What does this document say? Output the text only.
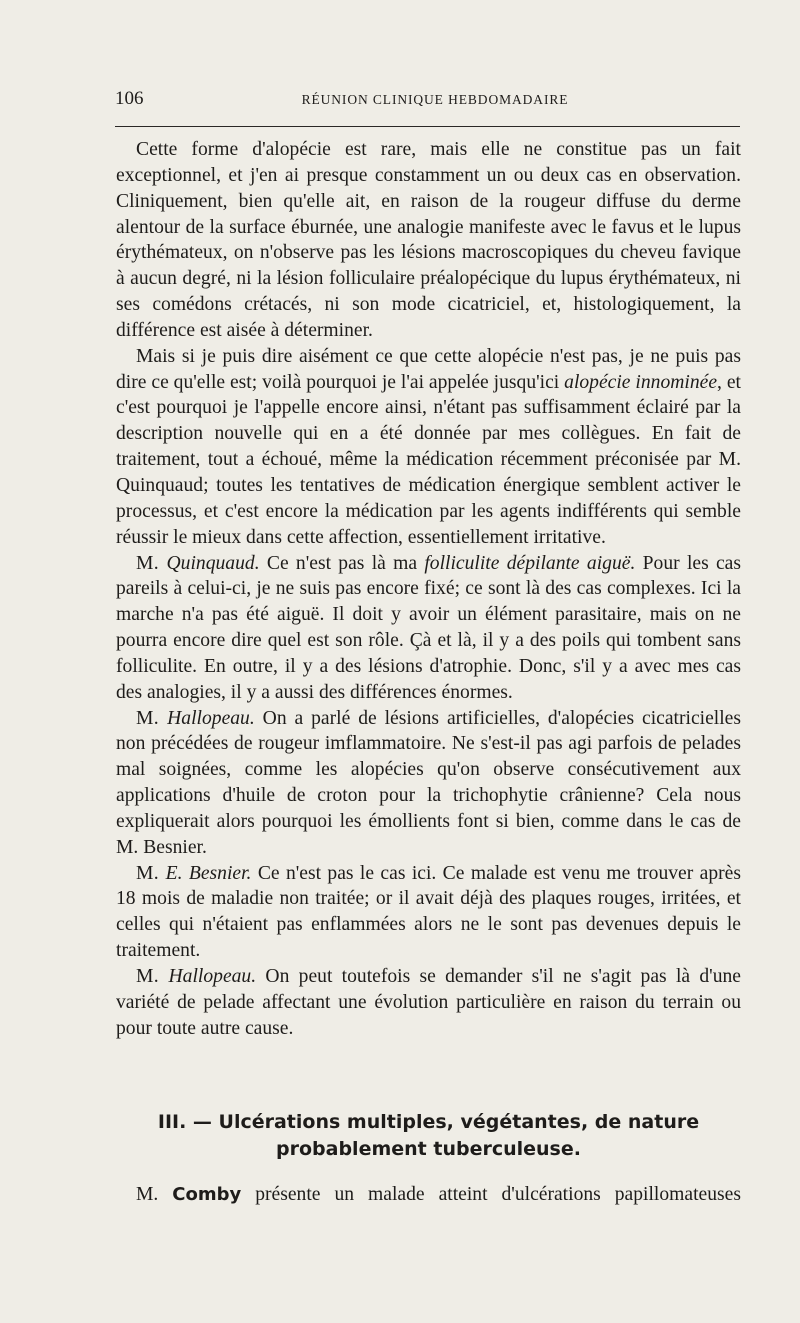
106	RÉUNION CLINIQUE HEBDOMADAIRE

Cette forme d'alopécie est rare, mais elle ne constitue pas un fait exceptionnel, et j'en ai presque constamment un ou deux cas en observation. Cliniquement, bien qu'elle ait, en raison de la rougeur diffuse du derme alentour de la surface éburnée, une analogie manifeste avec le favus et le lupus érythémateux, on n'observe pas les lésions macroscopiques du cheveu favique à aucun degré, ni la lésion folliculaire préalopécique du lupus érythémateux, ni ses comédons crétacés, ni son mode cicatriciel, et, histologiquement, la différence est aisée à déterminer.

Mais si je puis dire aisément ce que cette alopécie n'est pas, je ne puis pas dire ce qu'elle est; voilà pourquoi je l'ai appelée jusqu'ici alopécie innominée, et c'est pourquoi je l'appelle encore ainsi, n'étant pas suffisamment éclairé par la description nouvelle qui en a été donnée par mes collègues. En fait de traitement, tout a échoué, même la médication récemment préconisée par M. Quinquaud; toutes les tentatives de médication énergique semblent activer le processus, et c'est encore la médication par les agents indifférents qui semble réussir le mieux dans cette affection, essentiellement irritative.

M. Quinquaud. Ce n'est pas là ma folliculite dépilante aiguë. Pour les cas pareils à celui-ci, je ne suis pas encore fixé; ce sont là des cas complexes. Ici la marche n'a pas été aiguë. Il doit y avoir un élément parasitaire, mais on ne pourra encore dire quel est son rôle. Çà et là, il y a des poils qui tombent sans folliculite. En outre, il y a des lésions d'atrophie. Donc, s'il y a avec mes cas des analogies, il y a aussi des différences énormes.

M. Hallopeau. On a parlé de lésions artificielles, d'alopécies cicatricielles non précédées de rougeur imflammatoire. Ne s'est-il pas agi parfois de pelades mal soignées, comme les alopécies qu'on observe consécutivement aux applications d'huile de croton pour la trichophytie crânienne? Cela nous expliquerait alors pourquoi les émollients font si bien, comme dans le cas de M. Besnier.

M. E. Besnier. Ce n'est pas le cas ici. Ce malade est venu me trouver après 18 mois de maladie non traitée; or il avait déjà des plaques rouges, irritées, et celles qui n'étaient pas enflammées alors ne le sont pas devenues depuis le traitement.

M. Hallopeau. On peut toutefois se demander s'il ne s'agit pas là d'une variété de pelade affectant une évolution particulière en raison du terrain ou pour toute autre cause.

III. — Ulcérations multiples, végétantes, de nature
probablement tuberculeuse.
M. Comby présente un malade atteint d'ulcérations papillomateuses
